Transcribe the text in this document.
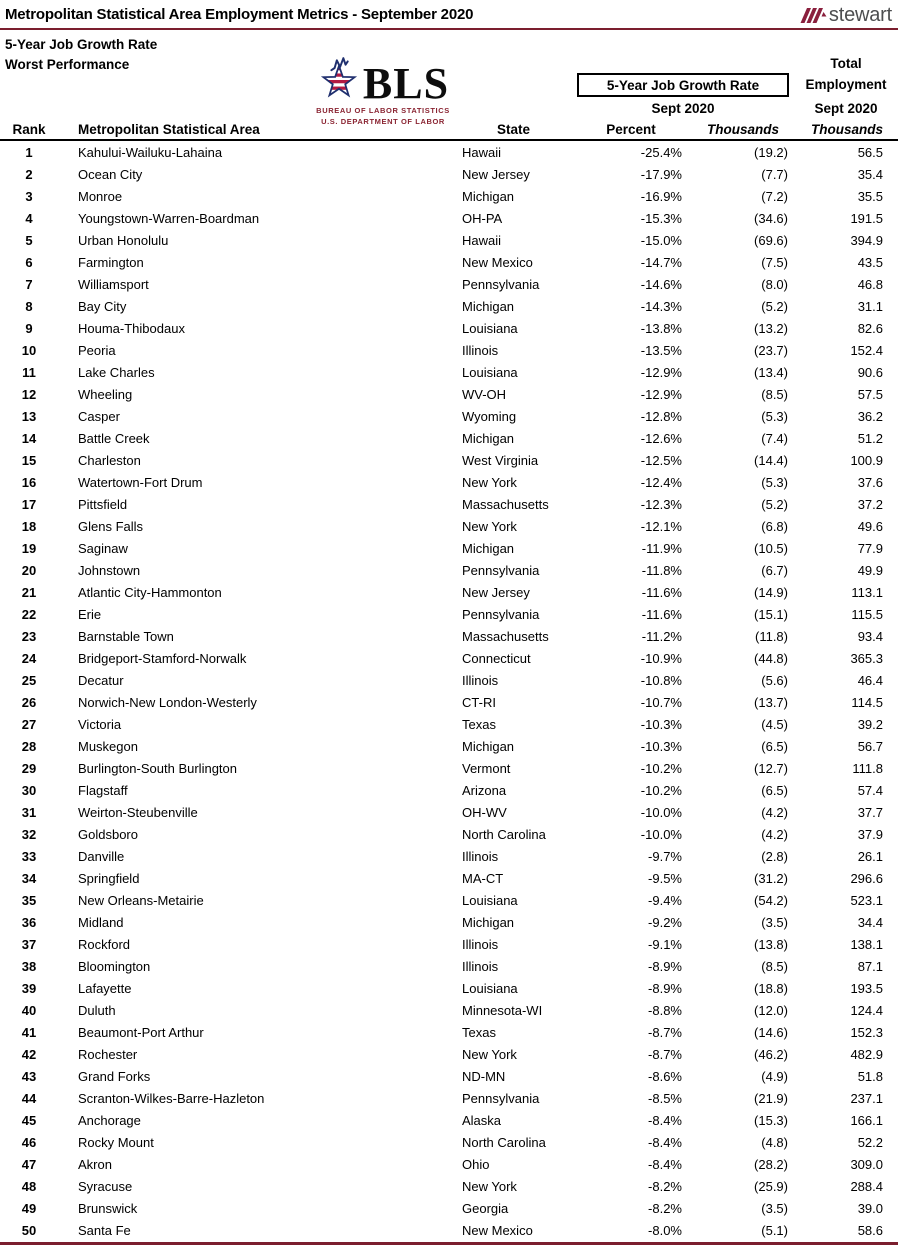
Metropolitan Statistical Area Employment Metrics - September 2020	stewart
5-Year Job Growth Rate
Worst Performance	BLS
BUREAU OF LABOR STATISTICS
U.S. DEPARTMENT OF LABOR
5-Year Job Growth Rate
Total
Employment
Sept 2020	Sept 2020
Rank	Metropolitan Statistical Area	State	Percent	Thousands	Thousands
1	Kahului-Wailuku-Lahaina	Hawaii	-25.4%	(19.2)	56.5
2	Ocean City	New Jersey	-17.9%	(7.7)	35.4
3	Monroe	Michigan	-16.9%	(7.2)	35.5
4	Youngstown-Warren-Boardman	OH-PA	-15.3%	(34.6)	191.5
5	Urban Honolulu	Hawaii	-15.0%	(69.6)	394.9
6	Farmington	New Mexico	-14.7%	(7.5)	43.5
7	Williamsport	Pennsylvania	-14.6%	(8.0)	46.8
8	Bay City	Michigan	-14.3%	(5.2)	31.1
9	Houma-Thibodaux	Louisiana	-13.8%	(13.2)	82.6
10	Peoria	Illinois	-13.5%	(23.7)	152.4
11	Lake Charles	Louisiana	-12.9%	(13.4)	90.6
12	Wheeling	WV-OH	-12.9%	(8.5)	57.5
13	Casper	Wyoming	-12.8%	(5.3)	36.2
14	Battle Creek	Michigan	-12.6%	(7.4)	51.2
15	Charleston	West Virginia	-12.5%	(14.4)	100.9
16	Watertown-Fort Drum	New York	-12.4%	(5.3)	37.6
17	Pittsfield	Massachusetts	-12.3%	(5.2)	37.2
18	Glens Falls	New York	-12.1%	(6.8)	49.6
19	Saginaw	Michigan	-11.9%	(10.5)	77.9
20	Johnstown	Pennsylvania	-11.8%	(6.7)	49.9
21	Atlantic City-Hammonton	New Jersey	-11.6%	(14.9)	113.1
22	Erie	Pennsylvania	-11.6%	(15.1)	115.5
23	Barnstable Town	Massachusetts	-11.2%	(11.8)	93.4
24	Bridgeport-Stamford-Norwalk	Connecticut	-10.9%	(44.8)	365.3
25	Decatur	Illinois	-10.8%	(5.6)	46.4
26	Norwich-New London-Westerly	CT-RI	-10.7%	(13.7)	114.5
27	Victoria	Texas	-10.3%	(4.5)	39.2
28	Muskegon	Michigan	-10.3%	(6.5)	56.7
29	Burlington-South Burlington	Vermont	-10.2%	(12.7)	111.8
30	Flagstaff	Arizona	-10.2%	(6.5)	57.4
31	Weirton-Steubenville	OH-WV	-10.0%	(4.2)	37.7
32	Goldsboro	North Carolina	-10.0%	(4.2)	37.9
33	Danville	Illinois	-9.7%	(2.8)	26.1
34	Springfield	MA-CT	-9.5%	(31.2)	296.6
35	New Orleans-Metairie	Louisiana	-9.4%	(54.2)	523.1
36	Midland	Michigan	-9.2%	(3.5)	34.4
37	Rockford	Illinois	-9.1%	(13.8)	138.1
38	Bloomington	Illinois	-8.9%	(8.5)	87.1
39	Lafayette	Louisiana	-8.9%	(18.8)	193.5
40	Duluth	Minnesota-WI	-8.8%	(12.0)	124.4
41	Beaumont-Port Arthur	Texas	-8.7%	(14.6)	152.3
42	Rochester	New York	-8.7%	(46.2)	482.9
43	Grand Forks	ND-MN	-8.6%	(4.9)	51.8
44	Scranton-Wilkes-Barre-Hazleton	Pennsylvania	-8.5%	(21.9)	237.1
45	Anchorage	Alaska	-8.4%	(15.3)	166.1
46	Rocky Mount	North Carolina	-8.4%	(4.8)	52.2
47	Akron	Ohio	-8.4%	(28.2)	309.0
48	Syracuse	New York	-8.2%	(25.9)	288.4
49	Brunswick	Georgia	-8.2%	(3.5)	39.0
50	Santa Fe	New Mexico	-8.0%	(5.1)	58.6
